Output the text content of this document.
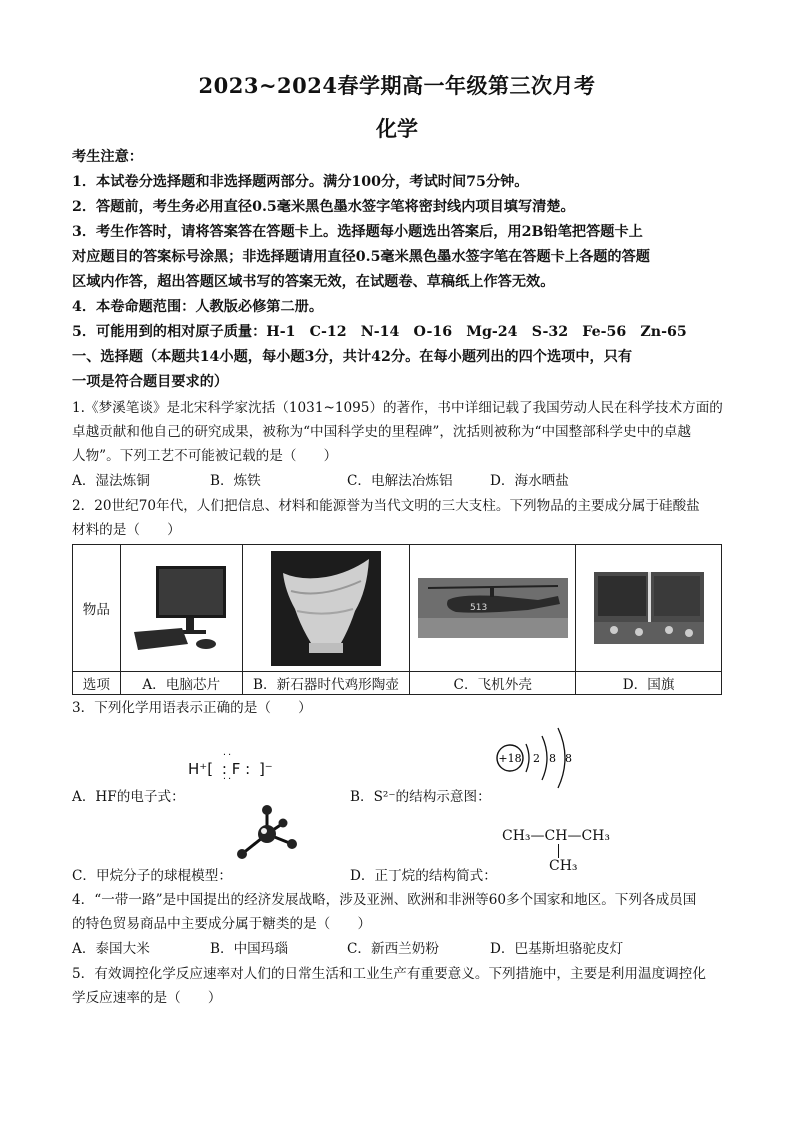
2023~2024春学期高一年级第三次月考
化学
考生注意：
1．本试卷分选择题和非选择题两部分。满分100分，考试时间75分钟。
2．答题前，考生务必用直径0.5毫米黑色墨水签字笔将密封线内项目填写清楚。
3．考生作答时，请将答案答在答题卡上。选择题每小题选出答案后，用2B铅笔把答题卡上
对应题目的答案标号涂黑；非选择题请用直径0.5毫米黑色墨水签字笔在答题卡上各题的答题
区域内作答，超出答题区域书写的答案无效，在试题卷、草稿纸上作答无效。
4．本卷命题范围：人教版必修第二册。
5．可能用到的相对原子质量：H-1　C-12　N-14　O-16　Mg-24　S-32　Fe-56　Zn-65
一、选择题（本题共14小题，每小题3分，共计42分。在每小题列出的四个选项中，只有
一项是符合题目要求的）
1.《梦溪笔谈》是北宋科学家沈括（1031~1095）的著作，书中详细记载了我国劳动人民在科学技术方面的
卓越贡献和他自己的研究成果，被称为“中国科学史的里程碑”，沈括则被称为“中国整部科学史中的卓越
人物”。下列工艺不可能被记载的是（　　）
A．湿法炼铜	B．炼铁	C．电解法冶炼铝	D．海水晒盐
2．20世纪70年代，人们把信息、材料和能源誉为当代文明的三大支柱。下列物品的主要成分属于硅酸盐
材料的是（　　）
物品			513

选项	A．电脑芯片	B．新石器时代鸡形陶壶	C．飞机外壳	D．国旗
3．下列化学用语表示正确的是（　　）
H⁺[
··
: F :
··
]⁻
A．HF的电子式：
+18 2 8 8
B．S²⁻的结构示意图：
C．甲烷分子的球棍模型：
CH₃—CH—CH₃
CH₃
D．正丁烷的结构简式：
4．“一带一路”是中国提出的经济发展战略，涉及亚洲、欧洲和非洲等60多个国家和地区。下列各成员国
的特色贸易商品中主要成分属于糖类的是（　　）
A．泰国大米	B．中国玛瑙	C．新西兰奶粉	D．巴基斯坦骆驼皮灯
5．有效调控化学反应速率对人们的日常生活和工业生产有重要意义。下列措施中，主要是利用温度调控化
学反应速率的是（　　）
